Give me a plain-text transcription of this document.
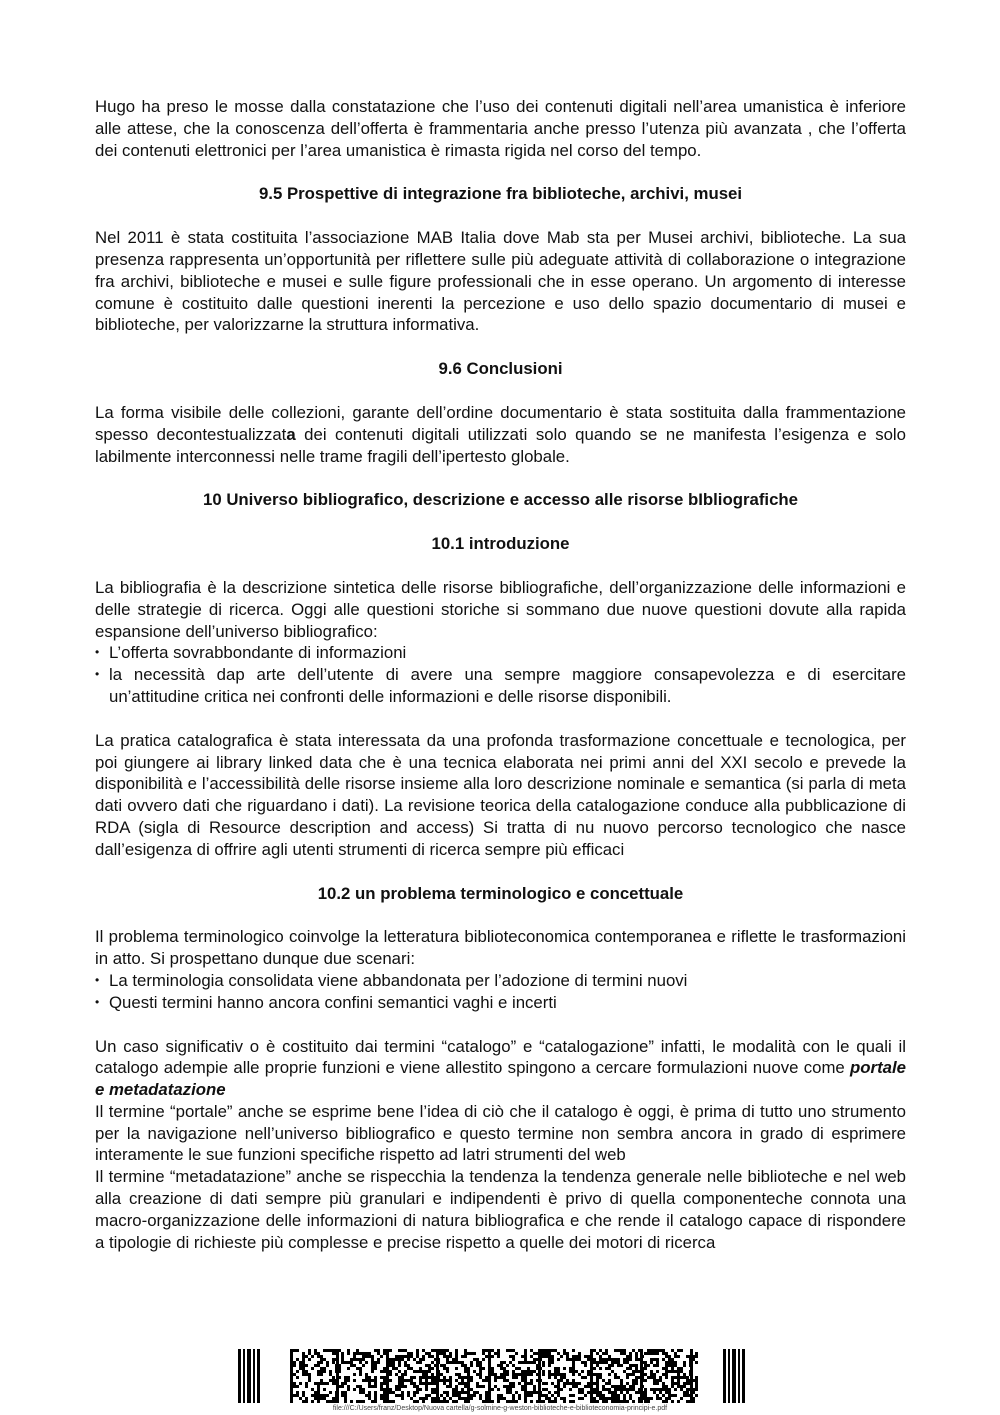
Hugo ha preso le mosse dalla constatazione che l’uso dei contenuti digitali nell’area umanistica è inferiore alle attese, che la conoscenza dell’offerta è frammentaria anche presso l’utenza più avanzata , che l’offerta dei contenuti elettronici per l’area umanistica è rimasta rigida nel corso del tempo.

9.5 Prospettive di integrazione fra biblioteche, archivi, musei

Nel 2011 è stata costituita l’associazione MAB Italia dove Mab sta per Musei archivi, biblioteche. La sua presenza rappresenta un’opportunità per riflettere sulle più adeguate attività di collaborazione o integrazione fra archivi, biblioteche e musei e sulle figure professionali che in esse operano. Un argomento di interesse comune è costituito dalle questioni inerenti la percezione e uso dello spazio documentario di musei e biblioteche, per valorizzarne la struttura informativa.

9.6 Conclusioni

La forma visibile delle collezioni, garante dell’ordine documentario è stata sostituita dalla frammentazione spesso decontestualizzata dei contenuti digitali utilizzati solo quando se ne manifesta l’esigenza e solo labilmente interconnessi nelle trame fragili dell’ipertesto globale.

10 Universo bibliografico, descrizione e accesso alle risorse bIbliografiche
10.1 introduzione

La bibliografia è la descrizione sintetica delle risorse bibliografiche, dell’organizzazione delle informazioni e delle strategie di ricerca. Oggi alle questioni storiche si sommano due nuove questioni dovute alla rapida espansione dell’universo bibliografico:

• L’offerta sovrabbondante di informazioni
• la necessità dap arte dell’utente di avere una sempre maggiore consapevolezza e di esercitare un’attitudine critica nei confronti delle informazioni e delle risorse disponibili.

La pratica catalografica è stata interessata da una profonda trasformazione concettuale e tecnologica, per poi giungere ai library linked data che è una tecnica elaborata nei primi anni del XXI secolo e prevede la disponibilità e l’accessibilità delle risorse insieme alla loro descrizione nominale e semantica (si parla di meta dati ovvero dati che riguardano i dati). La revisione teorica della catalogazione conduce alla pubblicazione di RDA (sigla di Resource description and access) Si tratta di nu nuovo percorso tecnologico che nasce dall’esigenza di offrire agli utenti strumenti di ricerca sempre più efficaci

10.2 un problema terminologico e concettuale

Il problema terminologico coinvolge la letteratura biblioteconomica contemporanea e riflette le trasformazioni in atto. Si prospettano dunque due scenari:

• La terminologia consolidata viene abbandonata per l’adozione di termini nuovi
• Questi termini hanno ancora confini semantici vaghi e incerti

Un caso significativ o è costituito dai termini “catalogo” e “catalogazione” infatti, le modalità con le quali il catalogo adempie alle proprie funzioni e viene allestito spingono a cercare formulazioni nuove come portale e metadatazione

Il termine “portale” anche se esprime bene l’idea di ciò che il catalogo è oggi, è prima di tutto uno strumento per la navigazione nell’universo bibliografico e questo termine non sembra ancora in grado di esprimere interamente le sue funzioni specifiche rispetto ad latri strumenti del web

Il termine “metadatazione” anche se rispecchia la tendenza la tendenza generale nelle biblioteche e nel web alla creazione di dati sempre più granulari e indipendenti è privo di quella componenteche connota una macro-organizzazione delle informazioni di natura bibliografica e che rende il catalogo capace di rispondere a tipologie di richieste più complesse e precise rispetto a quelle dei motori di ricerca

file:///C:/Users/franz/Desktop/Nuova cartella/g-solmine-g-weston-biblioteche-e-biblioteconomia-principi-e.pdf
